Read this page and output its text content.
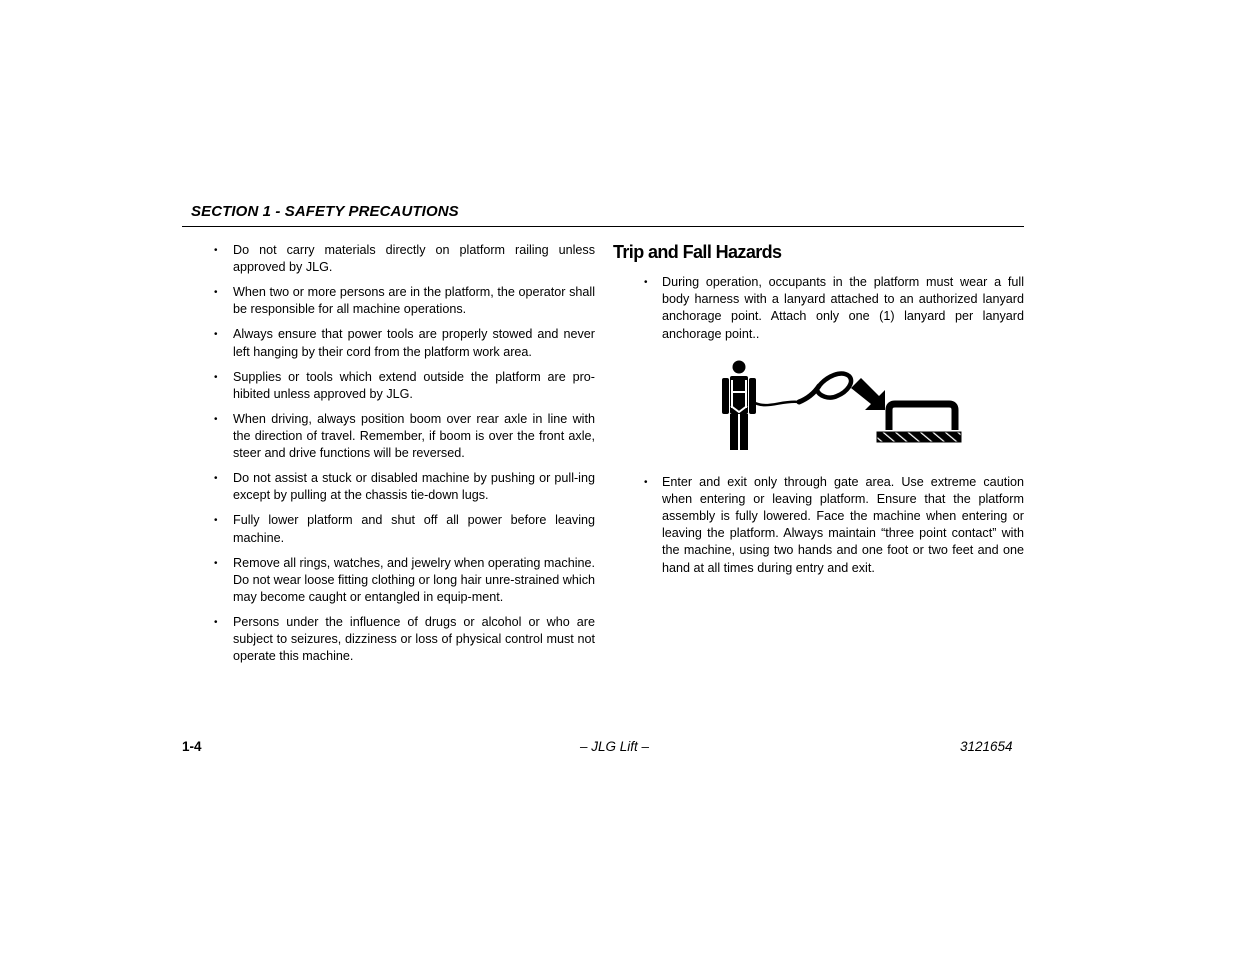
SECTION 1 - SAFETY PRECAUTIONS
•	Do not carry materials directly on platform railing unless approved by JLG.
•	When two or more persons are in the platform, the operator shall be responsible for all machine operations.
•	Always ensure that power tools are properly stowed and never left hanging by their cord from the platform work area.
•	Supplies or tools which extend outside the platform are pro-hibited unless approved by JLG.
•	When driving, always position boom over rear axle in line with the direction of travel. Remember, if boom is over the front axle, steer and drive functions will be reversed.
•	Do not assist a stuck or disabled machine by pushing or pull-ing except by pulling at the chassis tie-down lugs.
•	Fully lower platform and shut off all power before leaving machine.
•	Remove all rings, watches, and jewelry when operating machine. Do not wear loose fitting clothing or long hair unre-strained which may become caught or entangled in equip-ment.
•	Persons under the influence of drugs or alcohol or who are subject to seizures, dizziness or loss of physical control must not operate this machine.
Trip and Fall Hazards
•	During operation, occupants in the platform must wear a full body harness with a lanyard attached to an authorized lanyard anchorage point. Attach only one (1) lanyard per lanyard anchorage point..
•	Enter and exit only through gate area. Use extreme caution when entering or leaving platform. Ensure that the platform assembly is fully lowered. Face the machine when entering or leaving the platform. Always maintain “three point contact” with the machine, using two hands and one foot or two feet and one hand at all times during entry and exit.
1-4	– JLG Lift –	3121654
